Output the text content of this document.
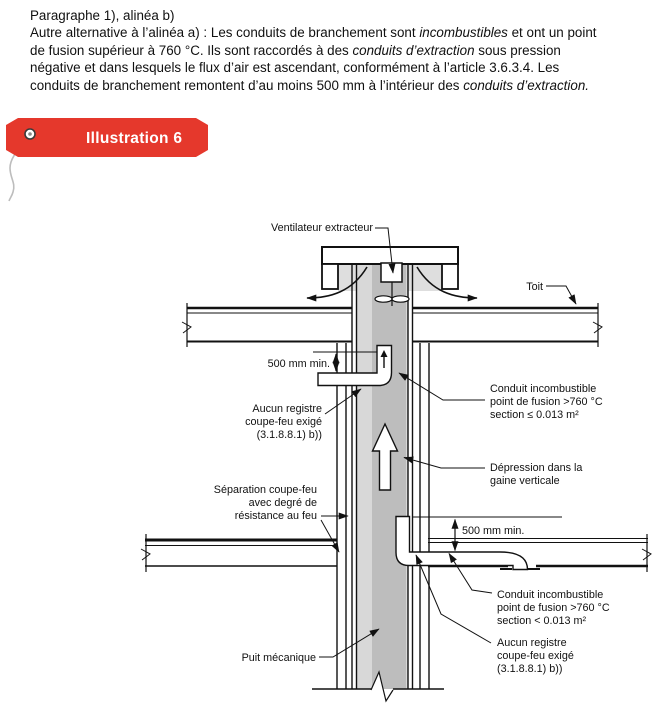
Paragraphe 1), alinéa b)
Autre alternative à l’alinéa a) : Les conduits de branchement sont incombustibles et ont un point
de fusion supérieur à 760 °C. Ils sont raccordés à des conduits d’extraction sous pression
négative et dans lesquels le flux d’air est ascendant, conformément à l’article 3.6.3.4. Les
conduits de branchement remontent d’au moins 500 mm à l’intérieur des conduits d’extraction.
Illustration 6
Ventilateur extracteur
Toit
500 mm min.
Aucun registre
coupe-feu exigé
(3.1.8.8.1) b))
Conduit incombustible
point de fusion >760 °C
section ≤ 0.013 m²
Dépression dans la
gaine verticale
Séparation coupe-feu
avec degré de
résistance au feu
500 mm min.
Conduit incombustible
point de fusion >760 °C
section < 0.013 m²
Aucun registre
coupe-feu exigé
(3.1.8.8.1) b))
Puit mécanique
